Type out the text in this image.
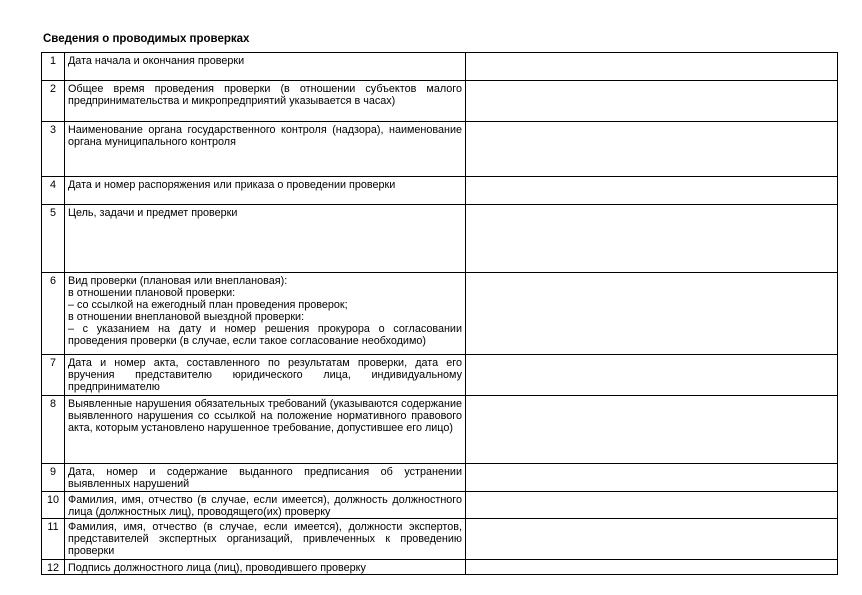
Сведения о проводимых проверках
1	Дата начала и окончания проверки	

2	Общее время проведения проверки (в отношении субъектов малого предпринимательства и микропредприятий указывается в часах)	

3	Наименование органа государственного контроля (надзора), наименование органа муниципального контроля	

4	Дата и номер распоряжения или приказа о проведении проверки	

5	Цель, задачи и предмет проверки	

6	Вид проверки (плановая или внеплановая):
в отношении плановой проверки:
– со ссылкой на ежегодный план проведения проверок;
в отношении внеплановой выездной проверки:
– с указанием на дату и номер решения прокурора о согласовании проведения проверки (в случае, если такое согласование необходимо)	

7	Дата и номер акта, составленного по результатам проверки, дата его вручения представителю юридического лица, индивидуальному предпринимателю	

8	Выявленные нарушения обязательных требований (указываются содержание выявленного нарушения со ссылкой на положение нормативного правового акта, которым установлено нарушенное требование, допустившее его лицо)	

9	Дата, номер и содержание выданного предписания об устранении выявленных нарушений	

10	Фамилия, имя, отчество (в случае, если имеется), должность должностного лица (должностных лиц), проводящего(их) проверку	

11	Фамилия, имя, отчество (в случае, если имеется), должности экспертов, представителей экспертных организаций, привлеченных к проведению проверки	

12	Подпись должностного лица (лиц), проводившего проверку	
